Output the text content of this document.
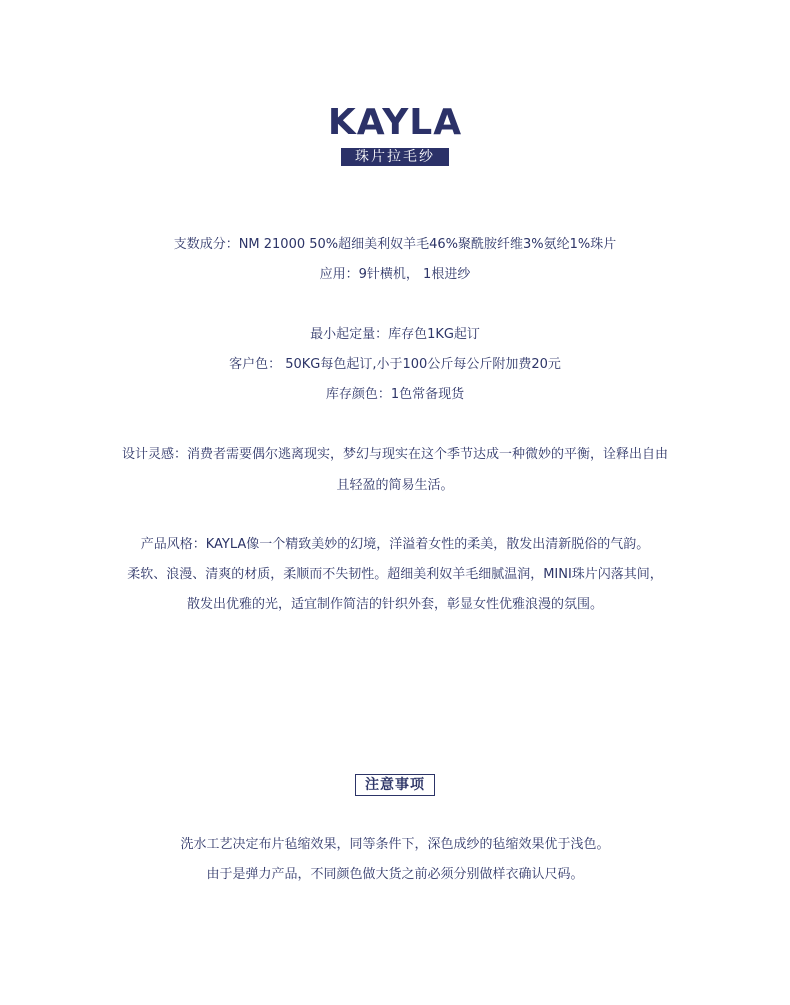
KAYLA
珠片拉毛纱
支数成分：NM 21000 50%超细美利奴羊毛46%聚酰胺纤维3%氨纶1%珠片
应用：9针横机， 1根进纱
最小起定量：库存色1KG起订
客户色： 50KG每色起订,小于100公斤每公斤附加费20元
库存颜色：1色常备现货
设计灵感：消费者需要偶尔逃离现实，梦幻与现实在这个季节达成一种微妙的平衡，诠释出自由
且轻盈的简易生活。
产品风格：KAYLA像一个精致美妙的幻境，洋溢着女性的柔美，散发出清新脱俗的气韵。
柔软、浪漫、清爽的材质，柔顺而不失韧性。超细美利奴羊毛细腻温润，MINI珠片闪落其间，
散发出优雅的光，适宜制作简洁的针织外套，彰显女性优雅浪漫的氛围。
注意事项
洗水工艺决定布片毡缩效果，同等条件下，深色成纱的毡缩效果优于浅色。
由于是弹力产品，不同颜色做大货之前必须分别做样衣确认尺码。
